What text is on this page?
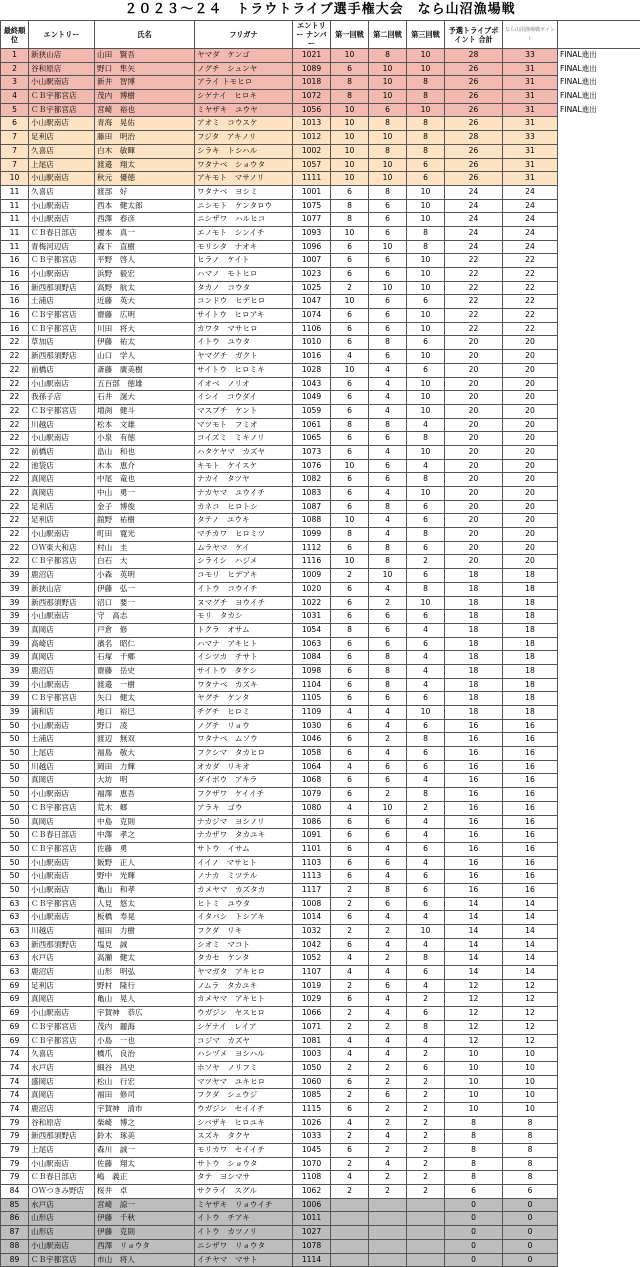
２０２３～２４　トラウトライブ選手権大会　なら山沼漁場戦
最終順位	エントリー	氏名	フリガナ	エントリー ナンバー	第一回戦	第二回戦	第三回戦	予選トライブポイント 合計	なら山沼漁場戦ポイント	
1	新狭山店	山田　賢吾	ヤマダ　ケンゴ	1021	10	8	10	28	33	FINAL進出
2	谷和原店	野口　隼矢	ノグチ　シュンヤ	1089	6	10	10	26	31	FINAL進出
3	小山駅南店	新井　智博	アライ トモヒロ	1018	8	10	8	26	31	FINAL進出
4	ＣＢ宇都宮店	茂内　博樹	シゲナイ　ヒロキ	1072	8	10	8	26	31	FINAL進出
5	ＣＢ宇都宮店	宮崎　裕也	ミヤザキ　ユウヤ	1056	10	6	10	26	31	FINAL進出
6	小山駅南店	青海　晃佑	アオミ　コウスケ	1013	10	8	8	26	31	
7	足利店	藤田　明治	フジタ　アキノリ	1012	10	10	8	28	33	
7	久喜店	白木　敏暉	シラキ　トシハル	1002	10	8	8	26	31	
7	上尾店	渡邉　翔太	ワタナベ　ショウタ	1057	10	10	6	26	31	
10	小山駅南店	秋元　優徳	アキモト　マサノリ	1111	10	10	6	26	31	
11	久喜店	渡部　好	ワタナベ　ヨシミ	1001	6	8	10	24	24	
11	小山駅南店	西本　健太郎	ニシモト　ケンタロウ	1075	8	6	10	24	24	
11	小山駅南店	西澤　春彦	ニシザワ　ハルヒコ	1077	8	6	10	24	24	
11	ＣＢ春日部店	榎本　真一	エノモト　シンイチ	1093	10	6	8	24	24	
11	青梅河辺店	森下　直樹	モリシタ　ナオキ	1096	6	10	8	24	24	
16	ＣＢ宇都宮店	平野　啓人	ヒラノ　ケイト	1007	6	6	10	22	22	
16	小山駅南店	浜野　毅宏	ハマノ　モトヒロ	1023	6	6	10	22	22	
16	新西那須野店	高野　航太	タカノ　コウタ	1025	2	10	10	22	22	
16	土浦店	近藤　英大	コンドウ　ヒデヒロ	1047	10	6	6	22	22	
16	ＣＢ宇都宮店	齋藤　広明	サイトウ　ヒロアキ	1074	6	6	10	22	22	
16	ＣＢ宇都宮店	川田　将大	カワタ　マサヒロ	1106	6	6	10	22	22	
22	草加店	伊藤　祐太	イトウ　ユウタ	1010	6	8	6	20	20	
22	新西那須野店	山口　学人	ヤマグチ　ガクト	1016	4	6	10	20	20	
22	前橋店	斎藤　廣美樹	サイトウ　ヒロミキ	1028	10	4	6	20	20	
22	小山駅南店	五百部　徳雄	イオベ　ノリオ	1043	6	4	10	20	20	
22	我孫子店	石井　滉大	イシイ　コウダイ	1049	6	4	10	20	20	
22	ＣＢ宇都宮店	増渕　健斗	マスブチ　ケント	1059	6	4	10	20	20	
22	川越店	松本　文雄	マツモト　フミオ	1061	8	8	4	20	20	
22	小山駅南店	小泉　有徳	コイズミ　ミキノリ	1065	6	6	8	20	20	
22	前橋店	畠山　和也	ハタケヤマ　カズヤ	1073	6	4	10	20	20	
22	池袋店	木本　恵介	キモト　ケイスケ	1076	10	6	4	20	20	
22	真岡店	中尾　竜也	ナカイ　タツヤ	1082	6	6	8	20	20	
22	真岡店	中山　勇一	ナカヤマ　ユウイチ	1083	6	4	10	20	20	
22	足利店	金子　博俊	カネコ　ヒロトシ	1087	6	8	6	20	20	
22	足利店	舘野　祐樹	タテノ　ユウキ	1088	10	4	6	20	20	
22	小山駅南店	町田　寛光	マチカワ　ヒロミツ	1099	8	4	8	20	20	
22	ＯＷ東大和店	村山　圭	ムラヤマ　ケイ	1112	6	8	6	20	20	
22	ＣＢ宇都宮店	白石　大	シライシ　ハジメ	1116	10	8	2	20	20	
39	鹿沼店	小森　英明	コモリ　ヒデアキ	1009	2	10	6	18	18	
39	新狭山店	伊藤　弘一	イトウ　コウイチ	1020	6	4	8	18	18	
39	新西那須野店	沼口　要一	ヌマグチ　ヨウイチ	1022	6	2	10	18	18	
39	小山駅南店	守　高志	モリ　タカシ	1031	6	6	6	18	18	
39	真岡店	戸倉　修	トクラ　オサム	1054	8	6	4	18	18	
39	高崎店	濱名　昭仁	ハマナ　アキヒト	1063	6	6	6	18	18	
39	真岡店	石塚　千郷	イシツカ　チサト	1084	6	8	4	18	18	
39	鹿沼店	齋藤　岳史	サイトウ　タケシ	1098	6	8	4	18	18	
39	小山駅南店	渡邉　一樹	ワタナベ　カズキ	1104	6	8	4	18	18	
39	ＣＢ宇都宮店	矢口　健太	ヤグチ　ケンタ	1105	6	6	6	18	18	
39	浦和店	地口　裕巳	チグチ　ヒロミ	1109	4	4	10	18	18	
50	小山駅南店	野口　凌	ノグチ　リョウ	1030	6	4	6	16	16	
50	土浦店	渡辺　無双	ワタナベ　ムソウ	1046	6	2	8	16	16	
50	上尾店	福島　敬大	フクシマ　タカヒロ	1058	6	4	6	16	16	
50	川越店	岡田　力輝	オカダ　リキオ	1064	4	6	6	16	16	
50	真岡店	大坊　明	ダイボウ　アキラ	1068	6	6	4	16	16	
50	小山駅南店	福澤　恵吾	フクザワ　ケイイチ	1079	6	2	8	16	16	
50	ＣＢ宇都宮店	荒木　郷	アラキ　ゴウ	1080	4	10	2	16	16	
50	真岡店	中島　克則	ナカジマ　ヨシノリ	1086	6	6	4	16	16	
50	ＣＢ春日部店	中澤　孝之	ナカザワ　タカユキ	1091	6	6	4	16	16	
50	ＣＢ宇都宮店	佐藤　勇	サトウ　イサム	1101	6	4	6	16	16	
50	小山駅南店	飯野　正人	イイノ　マサヒト	1103	6	6	4	16	16	
50	小山駅南店	野中　光輝	ノナカ　ミツテル	1113	6	4	6	16	16	
50	小山駅南店	亀山　和孝	カメヤマ　カズタカ	1117	2	8	6	16	16	
63	ＣＢ宇都宮店	人見　悠太	ヒトミ　ユウタ	1008	2	6	6	14	14	
63	小山駅南店	板橋　寿晃	イタバシ　トシアキ	1014	6	4	4	14	14	
63	川越店	福田　力樹	フクダ　リキ	1032	2	2	10	14	14	
63	新西那須野店	塩見　誠	シオミ　マコト	1042	6	4	4	14	14	
63	水戸店	高瀬　健太	タカセ　ケンタ	1052	4	2	8	14	14	
63	鹿沼店	山形　明弘	ヤマガタ　アキヒロ	1107	4	4	6	14	14	
69	足利店	野村　隆行	ノムラ　タカユキ	1019	2	6	4	12	12	
69	真岡店	亀山　晃人	カメヤマ　アキヒト	1029	6	4	2	12	12	
69	小山駅南店	宇賀神　恭広	ウガジン　ヤスヒロ	1066	2	4	6	12	12	
69	ＣＢ宇都宮店	茂内　麗海	シゲナイ　レイア	1071	2	2	8	12	12	
69	ＣＢ宇都宮店	小島　一也	コジマ　カズヤ	1081	4	4	4	12	12	
74	久喜店	橋爪　良治	ハシヅメ　ヨシハル	1003	4	4	2	10	10	
74	水戸店	細谷　昌史	ホソヤ　ノリフミ	1050	2	2	6	10	10	
74	盛岡店	松山　行宏	マツヤマ　ユキヒロ	1060	6	2	2	10	10	
74	真岡店	福田　修司	フクダ　シュウジ	1085	2	6	2	10	10	
74	鹿沼店	宇賀神　清市	ウガジン　セイイチ	1115	6	2	2	10	10	
79	谷和原店	柴崎　博之	シバザキ　ヒロユキ	1026	4	2	2	8	8	
79	新西那須野店	鈴木　琢美	スズキ　タクヤ	1033	2	4	2	8	8	
79	上尾店	森川　誠一	モリカワ　セイイチ	1045	6	2	2	8	8	
79	小山駅南店	佐藤　翔太	サトウ　ショウタ	1070	2	4	2	8	8	
79	ＣＢ春日部店	嶋　義正	タテ　ヨシマサ	1108	4	2	2	8	8	
84	ＯＷつきみ野店	桜井　卓	サクライ　スグル	1062	2	2	2	6	6	
85	水戸店	宮崎　諒一	ミヤザキ　リョウイチ	1006				0	0	
86	山形店	伊藤　千秋	イトウ　チアキ	1011				0	0	
87	山形店	伊藤　克則	イトウ　カツノリ	1027				0	0	
88	小山駅南店	西澤　リョウタ	ニシザワ　リョウタ	1078				0	0	
89	ＣＢ宇都宮店	市山　将人	イチヤマ　マサト	1114				0	0	
